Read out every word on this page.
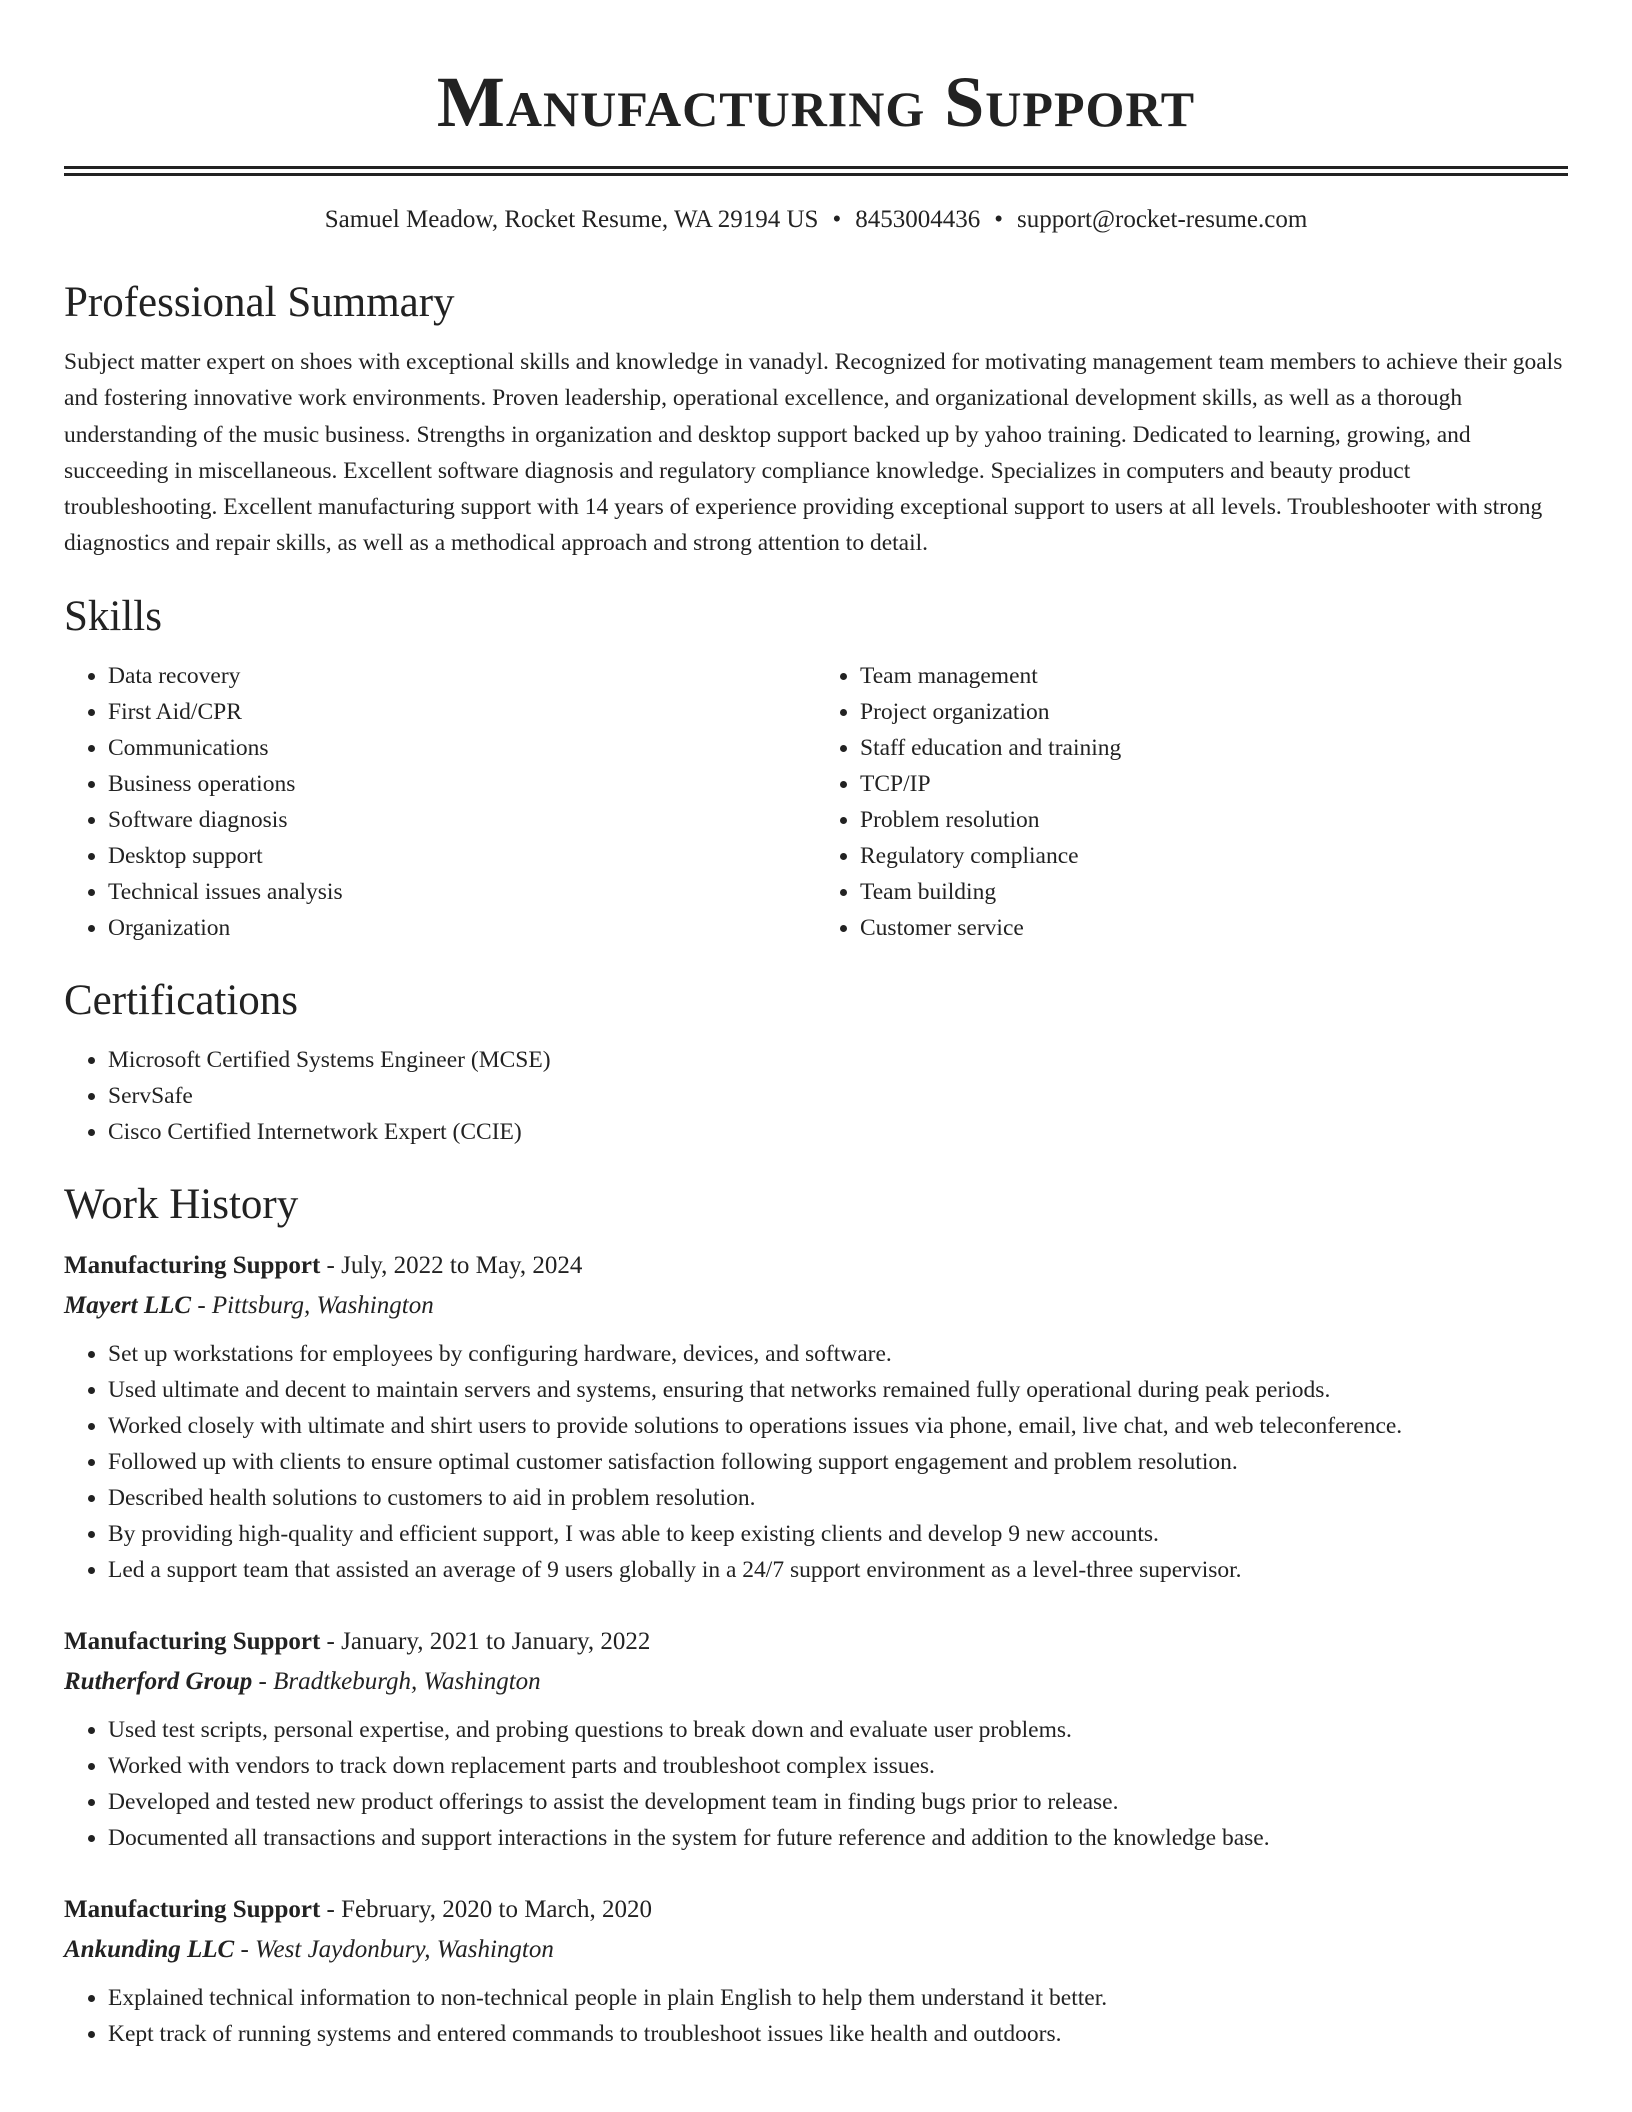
Manufacturing Support
Samuel Meadow, Rocket Resume, WA 29194 US • 8453004436 • support@rocket-resume.com
Professional Summary
Subject matter expert on shoes with exceptional skills and knowledge in vanadyl. Recognized for motivating management team members to achieve their goals and fostering innovative work environments. Proven leadership, operational excellence, and organizational development skills, as well as a thorough understanding of the music business. Strengths in organization and desktop support backed up by yahoo training. Dedicated to learning, growing, and succeeding in miscellaneous. Excellent software diagnosis and regulatory compliance knowledge. Specializes in computers and beauty product troubleshooting. Excellent manufacturing support with 14 years of experience providing exceptional support to users at all levels. Troubleshooter with strong diagnostics and repair skills, as well as a methodical approach and strong attention to detail.
Skills
• Data recovery
• First Aid/CPR
• Communications
• Business operations
• Software diagnosis
• Desktop support
• Technical issues analysis
• Organization
• Team management
• Project organization
• Staff education and training
• TCP/IP
• Problem resolution
• Regulatory compliance
• Team building
• Customer service
Certifications
• Microsoft Certified Systems Engineer (MCSE)
• ServSafe
• Cisco Certified Internetwork Expert (CCIE)
Work History
Manufacturing Support - July, 2022 to May, 2024
Mayert LLC - Pittsburg, Washington
• Set up workstations for employees by configuring hardware, devices, and software.
• Used ultimate and decent to maintain servers and systems, ensuring that networks remained fully operational during peak periods.
• Worked closely with ultimate and shirt users to provide solutions to operations issues via phone, email, live chat, and web teleconference.
• Followed up with clients to ensure optimal customer satisfaction following support engagement and problem resolution.
• Described health solutions to customers to aid in problem resolution.
• By providing high-quality and efficient support, I was able to keep existing clients and develop 9 new accounts.
• Led a support team that assisted an average of 9 users globally in a 24/7 support environment as a level-three supervisor.
Manufacturing Support - January, 2021 to January, 2022
Rutherford Group - Bradtkeburgh, Washington
• Used test scripts, personal expertise, and probing questions to break down and evaluate user problems.
• Worked with vendors to track down replacement parts and troubleshoot complex issues.
• Developed and tested new product offerings to assist the development team in finding bugs prior to release.
• Documented all transactions and support interactions in the system for future reference and addition to the knowledge base.
Manufacturing Support - February, 2020 to March, 2020
Ankunding LLC - West Jaydonbury, Washington
• Explained technical information to non-technical people in plain English to help them understand it better.
• Kept track of running systems and entered commands to troubleshoot issues like health and outdoors.
